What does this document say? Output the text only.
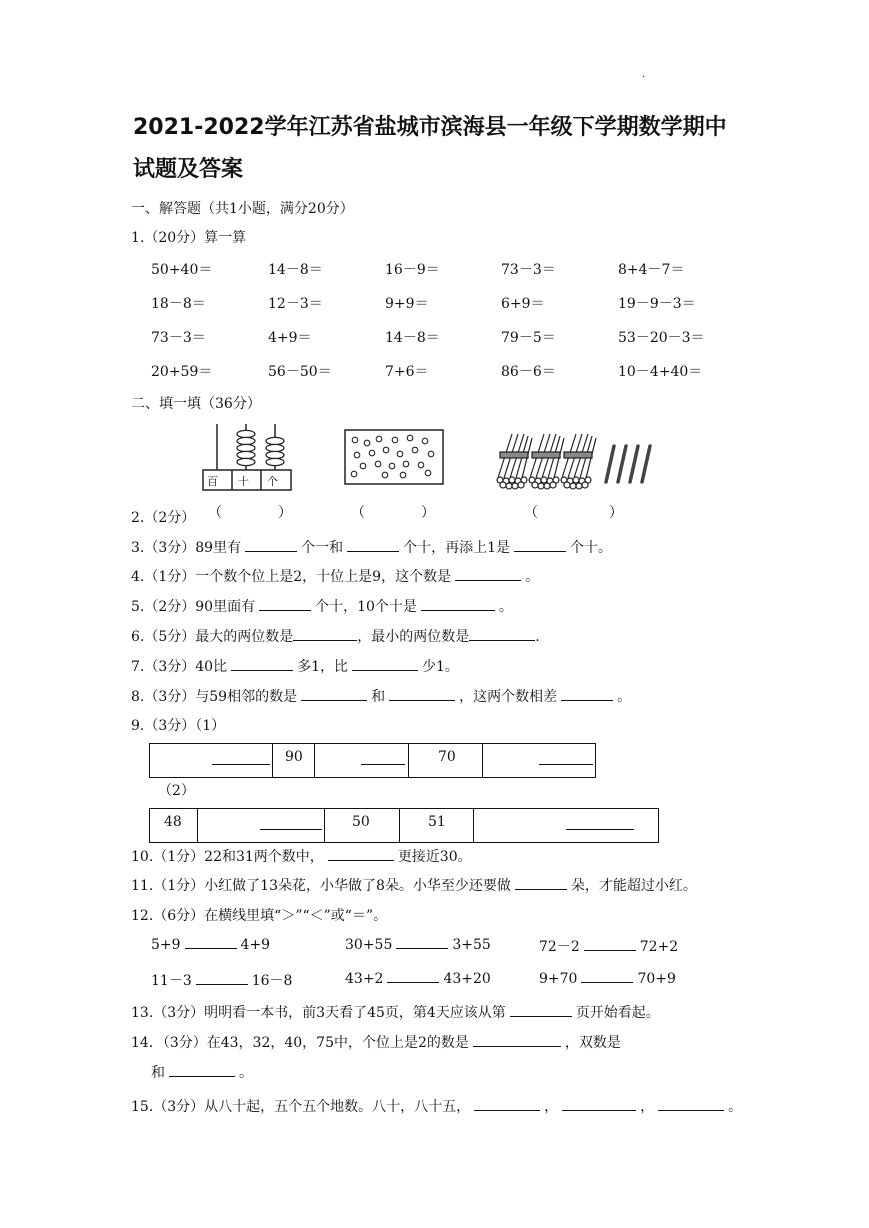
·
2021-2022学年江苏省盐城市滨海县一年级下学期数学期中
试题及答案
一、解答题（共1小题，满分20分）
1.（20分）算一算
50+40＝	14－8＝	16－9＝	73－3＝	8+4－7＝
18－8＝	12－3＝	9+9＝	6+9＝	19－9－3＝
73－3＝	4+9＝	14－8＝	79－5＝	53－20－3＝
20+59＝	56－50＝	7+6＝	86－6＝	10－4+40＝
二、填一填（36分）
百 十 个
2.（2分） （	）	（	）	（	）
3.（3分）89里有	个一和	个十，再添上1是	个十。
4.（1分）一个数个位上是2，十位上是9，这个数是	。
5.（2分）90里面有	个十，10个十是	。
6.（5分）最大的两位数是	，最小的两位数是	.
7.（3分）40比	多1，比	少1。
8.（3分）与59相邻的数是	和	，这两个数相差	。
9.（3分）（1）
90	70
（2）
48	50	51
10.（1分）22和31两个数中，	更接近30。
11.（1分）小红做了13朵花，小华做了8朵。小华至少还要做	朵，才能超过小红。
12.（6分）在横线里填“＞”“＜”或“＝”。
5+9	4+9	30+55	3+55	72－2	72+2
11－3	16－8	43+2	43+20	9+70	70+9
13.（3分）明明看一本书，前3天看了45页，第4天应该从第	页开始看起。
14．（3分）在43，32，40，75中，个位上是2的数是	，双数是
和	。
15.（3分）从八十起，五个五个地数。八十，八十五，	，	，	。
